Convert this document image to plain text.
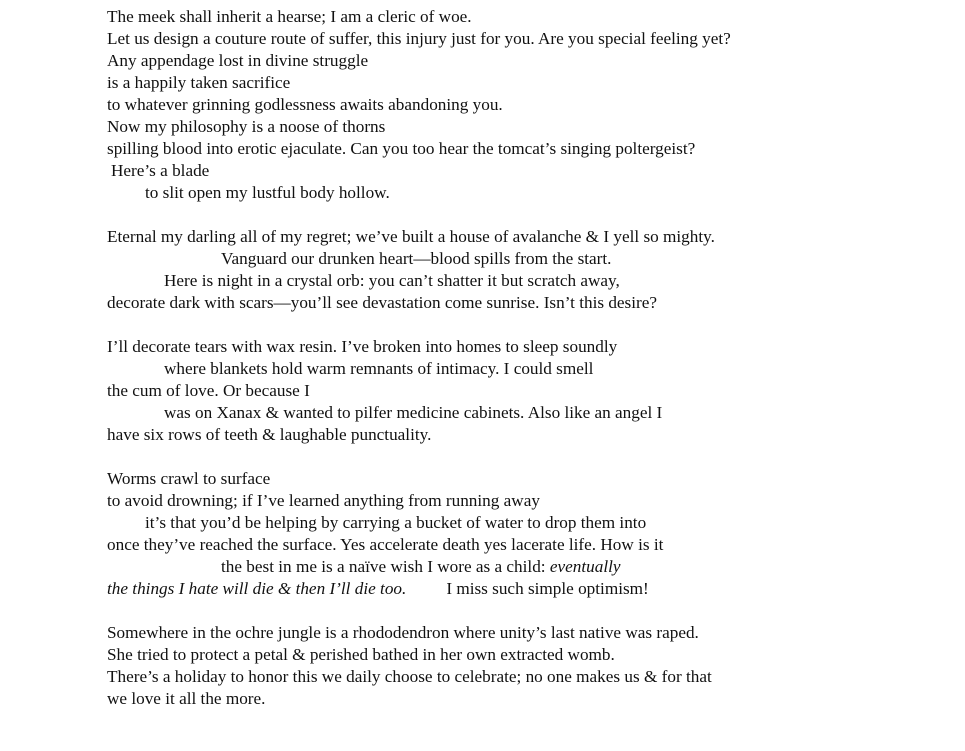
The meek shall inherit a hearse; I am a cleric of woe.
Let us design a couture route of suffer, this injury just for you. Are you special feeling yet?
Any appendage lost in divine struggle
is a happily taken sacrifice
to whatever grinning godlessness awaits abandoning you.
Now my philosophy is a noose of thorns
spilling blood into erotic ejaculate. Can you too hear the tomcat’s singing poltergeist?
Here’s a blade
to slit open my lustful body hollow.
Eternal my darling all of my regret; we’ve built a house of avalanche & I yell so mighty.
Vanguard our drunken heart—blood spills from the start.
Here is night in a crystal orb: you can’t shatter it but scratch away,
decorate dark with scars—you’ll see devastation come sunrise. Isn’t this desire?
I’ll decorate tears with wax resin. I’ve broken into homes to sleep soundly
where blankets hold warm remnants of intimacy. I could smell
the cum of love. Or because I
was on Xanax & wanted to pilfer medicine cabinets. Also like an angel I
have six rows of teeth & laughable punctuality.
Worms crawl to surface
to avoid drowning; if I’ve learned anything from running away
it’s that you’d be helping by carrying a bucket of water to drop them into
once they’ve reached the surface. Yes accelerate death yes lacerate life. How is it
the best in me is a naïve wish I wore as a child: eventually
the things I hate will die & then I’ll die too. I miss such simple optimism!
Somewhere in the ochre jungle is a rhododendron where unity’s last native was raped.
She tried to protect a petal & perished bathed in her own extracted womb.
There’s a holiday to honor this we daily choose to celebrate; no one makes us & for that
we love it all the more.
